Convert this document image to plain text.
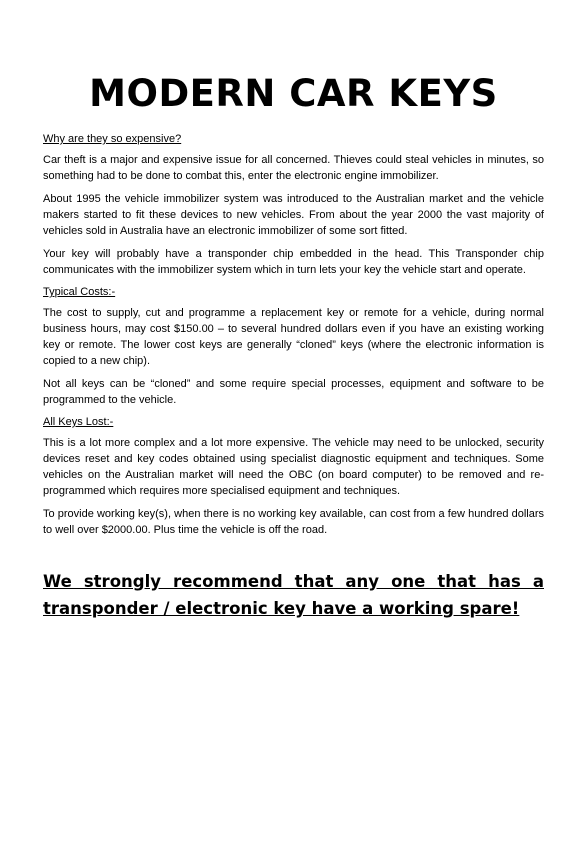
MODERN CAR KEYS
Why are they so expensive?

Car theft is a major and expensive issue for all concerned. Thieves could steal vehicles in minutes, so something had to be done to combat this, enter the electronic engine immobilizer.

About 1995 the vehicle immobilizer system was introduced to the Australian market and the vehicle makers started to fit these devices to new vehicles. From about the year 2000 the vast majority of vehicles sold in Australia have an electronic immobilizer of some sort fitted.

Your key will probably have a transponder chip embedded in the head. This Transponder chip communicates with the immobilizer system which in turn lets your key the vehicle start and operate.

Typical Costs:-

The cost to supply, cut and programme a replacement key or remote for a vehicle, during normal business hours, may cost $150.00 – to several hundred dollars even if you have an existing working key or remote. The lower cost keys are generally “cloned” keys (where the electronic information is copied to a new chip).

Not all keys can be “cloned” and some require special processes, equipment and software to be programmed to the vehicle.

All Keys Lost:-

This is a lot more complex and a lot more expensive. The vehicle may need to be unlocked, security devices reset and key codes obtained using specialist diagnostic equipment and techniques. Some vehicles on the Australian market will need the OBC (on board computer) to be removed and re-programmed which requires more specialised equipment and techniques.

To provide working key(s), when there is no working key available, can cost from a few hundred dollars to well over $2000.00. Plus time the vehicle is off the road.

We strongly recommend that any one that has a transponder / electronic key have a working spare!
